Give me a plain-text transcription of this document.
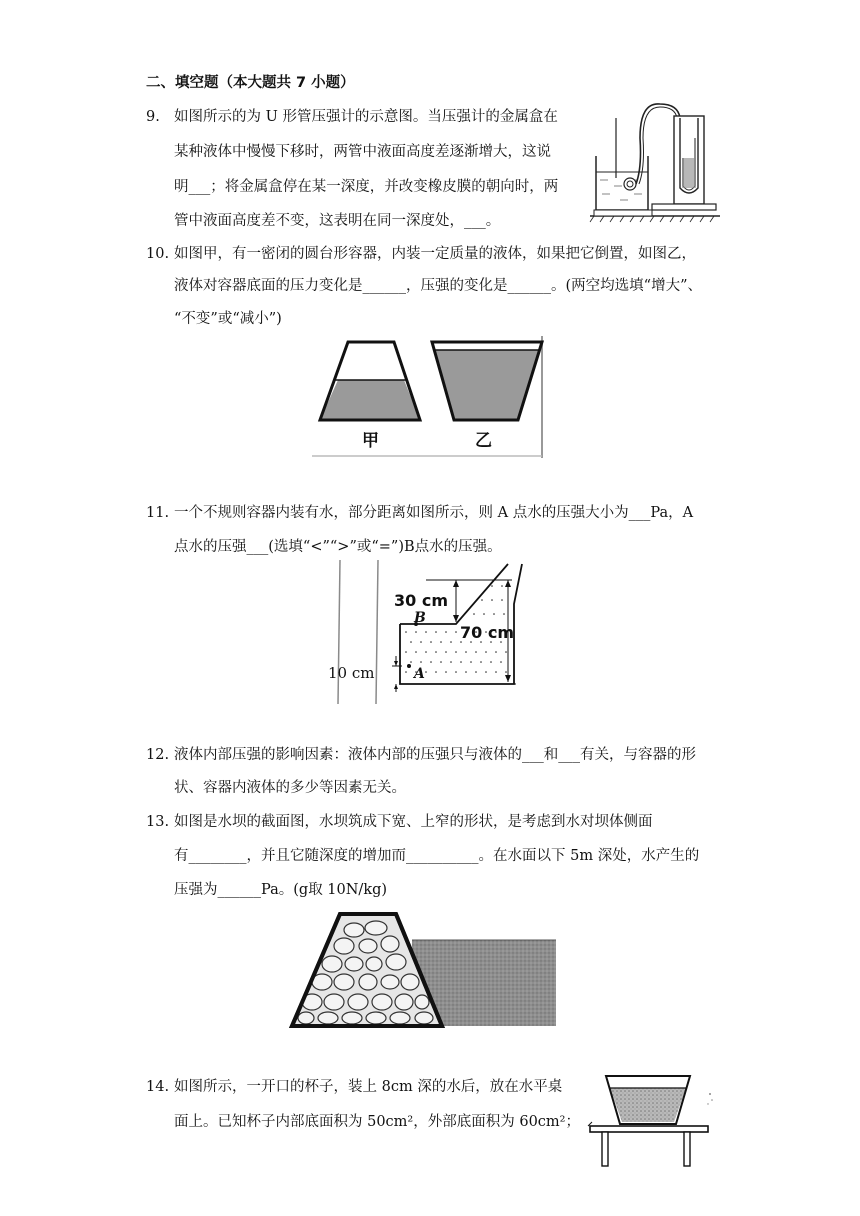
二、填空题（本大题共 7 小题）
9. 如图所示的为 U 形管压强计的示意图。当压强计的金属盒在
某种液体中慢慢下移时，两管中液面高度差逐渐增大，这说
明___；将金属盒停在某一深度，并改变橡皮膜的朝向时，两
管中液面高度差不变，这表明在同一深度处，___。
10. 如图甲，有一密闭的圆台形容器，内装一定质量的液体，如果把它倒置，如图乙，
液体对容器底面的压力变化是______，压强的变化是______。(两空均选填“增大”、
“不变”或“减小”)
甲	乙
11. 一个不规则容器内装有水，部分距离如图所示，则 A 点水的压强大小为___Pa，A
点水的压强___(选填“<”“>”或“=”)B点水的压强。
30 cm
B
70 cm
A
10 cm
12. 液体内部压强的影响因素：液体内部的压强只与液体的___和___有关，与容器的形
状、容器内液体的多少等因素无关。
13. 如图是水坝的截面图，水坝筑成下宽、上窄的形状，是考虑到水对坝体侧面
有________，并且它随深度的增加而__________。在水面以下 5m 深处，水产生的
压强为______Pa。(g取 10N/kg)
14. 如图所示，一开口的杯子，装上 8cm 深的水后，放在水平桌
面上。已知杯子内部底面积为 50cm²，外部底面积为 60cm²；
